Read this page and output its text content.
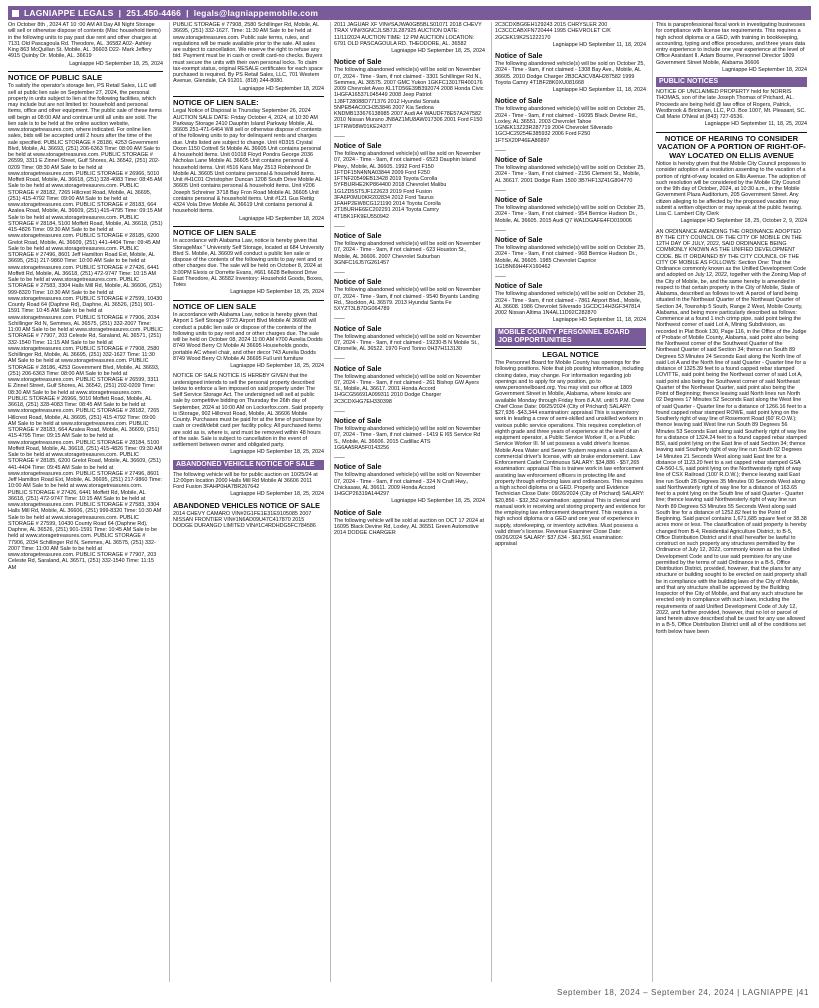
LAGNIAPPE LEGALS | 251.450-4466 | legals@lagniappemobile.com
On October 8th , 2024 AT 10 :00 AM All Day All Night Storage will sell or otherwise dispose of contents (Misc household items) in the following units to pay past due rent and other charges at 7131 Old Pascagoula Rd. Theodore, AL. 36582 A02- Ashley King 863 McQuillan St. Mobile, AL. 36603 D22- Mark Jeffery 4915 Quinby Dr. Mobile, AL. 36619
Lagniappe HD September 18, 25, 2024
NOTICE OF PUBLIC SALE
To satisfy the operator's storage lien, PS Retail Sales, LLC will sell at public lien sale on September 27, 2024, the personal property in units subject to lien at the following facilities, which may include but are not limited to: household and personal items, office and other equipment. The public sale of these items will begin at 08:00 AM and continue until all units are sold. The lien sale is to be held at the online auction website, www.storagetreasures.com, where indicated. For online lien sales, bids will be accepted until 2 hours after the time of the sale specified. PUBLIC STORAGE # 28186, 4253 Government Blvd, Mobile, AL 36693, (251) 206-6363 Time: 08:00 AM Sale to be held at www.storagetreasures.com. PUBLIC STORAGE # 26599, 3311 E Zinnel Street, Gulf Shores, AL 36542, (251) 202-0209 Time: 08:30 AM Sale to be held at www.storagetreasures.com. PUBLIC STORAGE # 26966, 5010 Moffett Road, Mobile, AL 36618, (251) 328-4083 Time: 08:45 AM Sale to be held at www.storagetreasures.com. PUBLIC STORAGE # 28182, 7265 Hillcrest Road, Mobile, AL 36695, (251) 415-4792 Time: 09:00 AM Sale to be held at www.storagetreasures.com. PUBLIC STORAGE # 28183, 664 Azalea Road, Mobile, AL 36609, (251) 415-4795 Time: 09:15 AM Sale to be held at www.storagetreasures.com. PUBLIC STORAGE # 28184, 5100 Moffett Road, Mobile, AL 36618, (251) 415-4826 Time: 09:30 AM Sale to be held at www.storagetreasures.com. PUBLIC STORAGE # 28185, 6200 Grelot Road, Mobile, AL 36609, (251) 441-4404 Time: 09:45 AM Sale to be held at www.storagetreasures.com. PUBLIC STORAGE # 27496, 8601 Jeff Hamilton Road Ext, Mobile, AL 36695, (251) 217-9860 Time: 10:00 AM Sale to be held at www.storagetreasures.com. PUBLIC STORAGE # 27426, 6441 Moffett Rd, Mobile, AL 36618, (251) 472-9747 Time: 10:15 AM Sale to be held at www.storagetreasures.com. PUBLIC STORAGE # 27583, 3304 Halls Mill Rd, Mobile, AL 36606, (251) 999-8320 Time: 10:30 AM Sale to be held at www.storagetreasures.com. PUBLIC STORAGE # 27599, 10430 County Road 64 (Daphne Rd), Daphne, AL 36526, (251) 901-1591 Time: 10:45 AM Sale to be held at www.storagetreasures.com. PUBLIC STORAGE # 77906, 2034 Schillinger Rd N, Semmes, AL 36575, (251) 332-2007 Time: 11:00 AM Sale to be held at www.storagetreasures.com. PUBLIC STORAGE # 77907, 203 Celeste Rd, Saraland, AL 36571, (251) 332-1540 Time: 11:15 AM Sale to be held at www.storagetreasures.com. PUBLIC STORAGE # 77908, 2580 Schillinger Rd, Mobile, AL 36695, (251) 332-1627 Time: 11:30 AM Sale to be held at www.storagetreasures.com. PUBLIC STORAGE # 28186, 4253 Government Blvd, Mobile, AL 36693, (251) 206-6363 Time: 08:00 AM Sale to be held at www.storagetreasures.com. PUBLIC STORAGE # 26599, 3311 E Zinnel Street, Gulf Shores, AL 36542, (251) 202-0209 Time: 08:30 AM Sale to be held at www.storagetreasures.com. PUBLIC STORAGE # 26966, 5010 Moffett Road, Mobile, AL 36618, (251) 328-4083 Time: 08:45 AM Sale to be held at www.storagetreasures.com. PUBLIC STORAGE # 28182, 7265 Hillcrest Road, Mobile, AL 36695, (251) 415-4792 Time: 09:00 AM Sale to be held at www.storagetreasures.com. PUBLIC STORAGE # 28183, 664 Azalea Road, Mobile, AL 36609, (251) 415-4795 Time: 09:15 AM Sale to be held at www.storagetreasures.com. PUBLIC STORAGE # 28184, 5100 Moffett Road, Mobile, AL 36618, (251) 415-4826 Time: 09:30 AM Sale to be held at www.storagetreasures.com. PUBLIC STORAGE # 28185, 6200 Grelot Road, Mobile, AL 36609, (251) 441-4404 Time: 09:45 AM Sale to be held at www.storagetreasures.com. PUBLIC STORAGE # 27496, 8601 Jeff Hamilton Road Ext, Mobile, AL 36695, (251) 217-9860 Time: 10:00 AM Sale to be held at www.storagetreasures.com. PUBLIC STORAGE # 27426, 6441 Moffett Rd, Mobile, AL 36618, (251) 472-9747 Time: 10:15 AM Sale to be held at www.storagetreasures.com. PUBLIC STORAGE # 27583, 3304 Halls Mill Rd, Mobile, AL 36606, (251) 999-8320 Time: 10:30 AM Sale to be held at www.storagetreasures.com. PUBLIC STORAGE # 27599, 10430 County Road 64 (Daphne Rd), Daphne, AL 36526, (251) 901-1591 Time: 10:45 AM Sale to be held at www.storagetreasures.com. PUBLIC STORAGE # 77906, 2034 Schillinger Rd N, Semmes, AL 36575, (251) 332-2007 Time: 11:00 AM Sale to be held at www.storagetreasures.com. PUBLIC STORAGE # 77907, 203 Celeste Rd, Saraland, AL 36571, (251) 332-1540 Time: 11:15 AM
PUBLIC STORAGE # 77908, 2580 Schillinger Rd, Mobile, AL 36695, (251) 332-1627. Time: 11:30 AM Sale to be held at www.storagetreasures.com. Public sale terms, rules, and regulations will be made available prior to the sale. All sales are subject to cancellation. We reserve the right to refuse any bid. Payment must be in cash or credit card-no checks. Buyers must secure the units with their own personal locks. To claim tax-exempt status, original RESALE certificates for each space purchased is required. By PS Retail Sales, LLC, 701 Western Avenue, Glendale, CA 91201. (818) 244-8080.
Lagniappe HD September 18, 2024
NOTICE OF LIEN SALE:
Legal Notice of Disposal is Thursday September 26, 2024 AUCTION SALE DATE: Friday October 4, 2024, at 10:30 AM Parkway Storage 2410 Dauphin Island Parkway Mobile, AL 36605 251-471-6464 Will sell or otherwise dispose of contents of the following units to pay for delinquent rents and charges due. Units listed are subject to change. Unit #D315 Crystal Dixon 1150 Cottrell St Mobile AL 36605 Unit contains personal & household items. Unit 01018 Floyd Pondra George 2036 Nicholas Lane Mobile AL 36605 Unit contains personal & household items. Unit #516 Kara May 2513 Robinhood Dr Mobile AL 36605 Unit contains personal & household items. Unit #H1C01 Christopher Duncan 1208 South Drive Mobile AL 36605 Unit contains personal & household items. Unit #206 Joseph Schreiner 3718 Bay Fron Road Mobile AL 36605 Unit contains personal & household items. Unit #121 Gus Rettig 4324 Vola Drive Mobile AL 36619 Unit contains personal & household items.
Lagniappe HD September 18, 2024
NOTICE OF LIEN SALE
In accordance with Alabama Law, notice is hereby given that StorageMax " University Self Storage, located at 684 University Blvd S. Mobile, AL 36609 will conduct a public lien sale or dispose of the contents of the following units to pay rent and or other charges due. The sale will be held on October 8, 2024 at 3:00PM Elexis or Dorrette Evans, #661 6628 Bellwood Drive East Theodore, AL 36582 Inventory: Household Goods, Boxes, Totes
Lagniappe HD September 18, 25, 2024
NOTICE OF LIEN SALE
In accordance with Alabama Law, notice is hereby given that Airport 1 Self Storage 9723 Airport Blvd Mobile Al 36608 will conduct a public lien sale or dispose of the contents of the following units to pay rent and or other charges due. The sale will be held on October 08, 2024 11:00 AM #700 Aurelia Dodds 8749 Wood Berry Ct Mobile Al 36695 Households goods, portable AC wheel chair, and other decor 743 Aurelia Dodds 8749 Wood Berry Ct Mobile Al 36695 Full unit furniture
Lagniappe HD September 18, 25, 2024
NOTICE OF SALE NOTICE IS HEREBY GIVEN that the undersigned intends to sell the personal property described below to enforce a lien imposed on said property under The Self Service Storage Act. The undersigned will sell at public sale by competitive bidding on Thursday the 26th day of September, 2024 at 10:00 AM on Lockerfox.com. Said property is iStorage, 902 Hillcrest Road, Mobile, AL 36606 Mobile County. Purchases must be paid for at the time of purchase by cash or credit/debit card per facility policy. All purchased items are sold as is, where is, and must be removed within 48 hours of the sale. Sale is subject to cancellation in the event of settlement between owner and obligated party.
Lagniappe HD September 18, 25, 2024
ABANDONED VEHICLE NOTICE OF SALE
The following vehicle will be for public auction on 10/25/24 at 12:00pm location 2000 Halls Mill Rd Mobile Al 36606 2011 Ford Fusion 3FAHP0HA7BR267642
Lagniappe HD September 18, 25, 2024
ABANDONED VEHICLES NOTICE OF SALE
2014 CHEVY CAMARO VIN#2G1FE1E31E9105085 2007 NISSAN FRONTIER VIN#1N6AD09U47C417870 2015 DODGE DURANGO LIMITED VIN#1C4RDHDG5FC784586
2011 JAGUAR XF VIN#SAJWA0GB5BLS01071 2018 CHEVY TRAX VIN#3GNCJLSB7JL287925 AUCTION DATE: 11/11/2024 AUCTION TIME: 12 PM AUCTION LOCATION: 6791 OLD PASCAGOULA RD. THEODORE, AL. 36582
Lagniappe HD September 18, 25, 2024
Notice of Sale
The following abandoned vehicle(s) will be sold on November 07, 2024 - Time - 9am, if not claimed - 3301 Schillinger Rd N., Semmes, AL 36575. 2007 GMC Yukon 1GKFC13017R400176 2009 Chevrolet Aveo KL1TD56E39B392074 2008 Honda Civic 1HGFA16537L045449 2008 Jeep Patriot 1J8FT28088D771376 2012 Hyundai Sonata 5NPEB4AC0CH353846 2007 Kia Sedona KNDMB133676138985 2007 Audi A4 WAUDF78E57A247582 2010 Nissan Murano JN8AZ1MU8AW017306 2001 Ford F150 1FTRW08W01KE24377
——
Notice of Sale
The following abandoned vehicle(s) will be sold on November 07, 2024 - Time - 9am, if not claimed - 6523 Dauphin Island Pkwy., Mobile, AL 36605. 1992 Ford F150 1FTDF15N4NNA03844 2009 Ford F250 1FTNF20549EB13428 2019 Toyota Corolla 5YFBURHE2KP864400 2018 Chevrolet Malibu 1G1ZD5ST5JF122623 2019 Ford Fusion 3FA6P0MU0KR202834 2012 Ford Taurus 1FAHP2EW8CG121190 2014 Toyota Corolla 2T1BURHE6EC202291 2014 Toyota Camry 4T1BK1FK9EU550942
——
Notice of Sale
The following abandoned vehicle(s) will be sold on November 07, 2024 - Time - 9am, if not claimed - 623 Houston St., Mobile, AL 36606. 2007 Chevrolet Suburban 3GNFC16J57G261457
——
Notice of Sale
The following abandoned vehicle(s) will be sold on November 07, 2024 - Time - 9am, if not claimed - 9540 Bryants Landing Rd., Stockton, AL 36579. 2013 Hyundai Santa Fe 5XYZT3LB7DG064789
——
Notice of Sale
The following abandoned vehicle(s) will be sold on November 07, 2024 - Time - 9am, if not claimed - 19230-B N Mobile St., Citronelle, AL 36522. 1970 Ford Torino 0H37H113130
——
Notice of Sale
The following abandoned vehicle(s) will be sold on November 07, 2024 - Time - 9am, if not claimed - 261 Bishop GW Ayers St., Mobile, AL 36617. 2001 Honda Accord 1HGCG56691A099311 2010 Dodge Charger 2C3CDXHG7EH330398
——
Notice of Sale
The following abandoned vehicle(s) will be sold on November 07, 2024 - Time - 9am, if not claimed - 1419 E I65 Service Rd S., Mobile, AL 36606. 2015 Cadillac ATS 1G6AA5RA5F0143256
——
Notice of Sale
The following abandoned vehicle(s) will be sold on November 07, 2024 - Time - 9am, if not claimed - 324 N Craft Hwy., Chickasaw, AL 36611. 2009 Honda Accord 1HGCP26319A144297
Lagniappe HD September 18, 25, 2024
Notice of Sale
The following vehicle will be sold at auction on OCT 17 2024 at 16095 Black Devine Rd, Loxley, AL 36551 Green Automotive 2014 DODGE CHARGER
2C3CDXBG6EH129243 2015 CHRYSLER 200 1C3CCCABXFN720444 1995 CHEVROLET C/K 2GCEK19K2S1222170
Lagniappe HD September 11, 18, 2024
Notice of Sale
The following abandoned vehicle(s) will be sold on October 25, 2024 - Time - 9am, if not claimed - 1308 Bay Ave., Mobile, AL 36605. 2010 Dodge Charger 2B3CA3CV8AH287582 1999 Toyota Camry 4T1BF28K0XU081668
Lagniappe HD September 11, 18, 2024
Notice of Sale
The following abandoned vehicle(s) will be sold on October 25, 2024 - Time - 9am, if not claimed - 16095 Black Devine Rd., Loxley, AL 36551. 2003 Chevrolet Tahoe 1GNEK13Z23R287719 2004 Chevrolet Silverado 1GCHC29254E385932 2006 Ford F250 1FTSX20P46EA86897
——
Notice of Sale
The following abandoned vehicle(s) will be sold on October 25, 2024 - Time - 9am, if not claimed - 2156 Clement St., Mobile, AL 36617. 2001 Dodge Ram 1500 3B7HF13Z41G804770
——
Notice of Sale
The following abandoned vehicle(s) will be sold on October 25, 2024 - Time - 9am, if not claimed - 954 Bernice Hudson Dr., Mobile, AL 36605. 2015 Audi Q7 WA1DGAFE4FD019006
——
Notice of Sale
The following abandoned vehicle(s) will be sold on October 25, 2024 - Time - 9am, if not claimed - 968 Bernice Hudson Dr., Mobile, AL 36605. 1985 Chevrolet Caprice 1G1BN69H4FX160462
——
Notice of Sale
The following abandoned vehicle(s) will be sold on October 25, 2024 - Time - 9am, if not claimed - 7861 Airport Blvd., Mobile, AL 36608. 1986 Chevrolet Silverado 1GCDC14H3GF347814 2002 Nissan Altima 1N4AL11D92C282870
Lagniappe HD September 11, 18, 2024
MOBILE COUNTY PERSONNEL BOARD JOB OPPORTUNITIES
LEGAL NOTICE
The Personnel Board for Mobile County has openings for the following positions. Note that job posting information, including closing dates, may change. For information regarding job openings and to apply for any position, go to www.personnelboard.org. You may visit our office at 1809 Government Street in Mobile, Alabama, where kiosks are available Monday through Friday from 8 A.M. until 5 P.M. Crew Chief Close Date: 09/25/2024 (City of Prichard) SALARY: $27,936 -$43,344 examination: appraisal This is supervisory work in leading a crew of semi-skilled and unskilled workers in various public service operations. This requires completion of eighth grade and three years of experience at the level of an equipment operator, a Public Service Worker II, or a Public Service Worker III. M ust possess a valid driver's license. Mobile Area Water and Sewer System requires a valid class A commercial driver's license, with air brake endorsement. Law Enforcement Cadet Continuous SALARY: $34,886 - $57,265 examination: appraisal This is trainee work in law enforcement assisting law enforcement officers in protecting life and property through enforcing laws and ordinances. This requires a high school diploma or a GED. Property and Evidence Technician Close Date: 09/26/2024 (City of Prichard) SALARY: $20,856 - $32,352 examination: appraisal This is clerical and manual work in receiving and storing property and evidence for the employing law enforcement department. This requires a high school diploma or a GED and one year of experience in supply, storekeeping, or inventory activities. Must possess a valid driver's license. Revenue Examiner Close Date: 09/26/2024 SALARY: $37,634 - $61,561 examination: appraisal
This is paraprofessional fiscal work in investigating businesses for compliance with license tax requirements. This requires a high school diploma or a GED, with training in bookkeeping, accounting, typing and office procedures, and three years data entry experience to include one year experience at the level of Office Assistant II. Adam Bourne, Personnel Director 1809 Government Street Mobile, Alabama 36606
Lagniappe HD September 18, 2024
PUBLIC NOTICES
NOTICE OF UNCLAIMED PROPERTY held for NORRIS THOMAS, son of the late Joseph Thomas of Prichard, AL. Proceeds are being held @ law office of Rogers, Patrick, Westbrook & Brickman, LLC, P.O. Box 1007, Mt. Pleasant, SC. Call Marie O'Neal at (843) 727-6536.
Lagniappe HD September 11, 18, 25, 2024
NOTICE OF HEARING TO CONSIDER VACATION OF A PORTION OF RIGHT-OF-WAY LOCATED ON ELLIS AVENUE
Notice is hereby given that the Mobile City Council proposes to consider adoption of a resolution assenting to the vacation of a portion of right-of-way located on Ellis Avenue. The adoption of such resolution will be considered by the Mobile City Council on the 9th day of October, 2024, at 10:30 a.m., in the Mobile Government Plaza Auditorium, 205 Government Street. Any citizen alleging to be affected by the proposed vacation may submit a written objection or may speak at the public hearing. Lisa C. Lambert City Clerk
Lagniappe HD September 18, 25, October 2, 9, 2024
AN ORDINANCE AMENDING THE ORDINANCE ADOPTED BY THE CITY COUNCIL OF THE CITY OF MOBILE ON THE 12TH DAY OF JULY, 2022, SAID ORDINANCE BEING COMMONLY KNOWN AS THE UNIFIED DEVELOPMENT CODE. BE IT ORDAINED BY THE CITY COUNCIL OF THE CITY OF MOBILE AS FOLLOWS: Section One: That the Ordinance commonly known as the Unified Development Code and adopted on July 12, 2022, together with the Zoning Map of the City of Mobile, be, and the same hereby is amended in respect to that certain property in the City of Mobile, State of Alabama, described as follows to-wit: A parcel of land being situated in the Northeast Quarter of the Northeast Quarter of Section 34, Township 5 South, Range 2 West, Mobile County, Alabama, and being more particularly described as follows: Commence at a found 1 inch crimp pipe, said point being the Northwest corner of said Lot A, Mining Subdivision, as recorded in Plat Book 130, Page 116, in the Office of the Judge of Probate of Mobile County, Alabama, said point also being the Northwest corner of the Southwest Quarter of the Northeast Quarter of said Section 34; thence run South 89 Degrees 53 Minutes 24 Seconds East along the North line of said Lot A and the North line of said Quarter - Quarter line for a distance of 1325.39 feet to a found capped rebar stamped LOVITTE, said point being the Northeast corner of said Lot A, said point also being the Southwest corner of said Northeast Quarter of the Northeast Quarter, said point also being the Point of Beginning; thence leaving said North lines run North 02 Degrees 17 Minutes 52 Seconds East along the West line of said Quarter - Quarter line for a distance of 1266.16 feet to a found capped rebar stamped ROWE, said point lying on the Southerly right of way line of Rosemont Road (60' R.O.W.); thence leaving said West line run South 89 Degrees 56 Minutes 53 Seconds East along said Southerly right of way line for a distance of 1324.24 feet to a found capped rebar stamped BSI, said point lying on the East line of said Section 34; thence leaving said Southerly right of way line run South 02 Degrees 14 Minutes 21 Seconds West along said East line for a distance of 1123.20 feet to a set capped rebar stamped GSA CA-560-LS, said point lying on the Northwesterly right of way line of CSX Railroad (100' R.O.W.); thence leaving said East line run South 28 Degrees 35 Minutes 00 Seconds West along said Northwesterly right of way line for a distance of 163.65 feet to a point lying on the South line of said Quarter - Quarter line; thence leaving said Northwesterly right of way line run North 89 Degrees 53 Minutes 55 Seconds West along said South line for a distance of 1252.82 feet to the Point of Beginning. Said parcel contains 1,671,685 square feet or 38.38 acres more or less. The classification of said property is hereby changed from B-4, Residential Agriculture District, to B-5, Office Distribution District and it shall hereafter be lawful to construct on such property any structures permitted by the Ordinance of July 12, 2022, commonly known as the Unified Development Code and to use said premises for any use permitted by the terms of said Ordinance in a B-5, Office Distribution District, provided, however, that the plans for any structure or building sought to be erected on said property shall be in compliance with the building laws of the City of Mobile, and that any structure shall be approved by the Building Inspector of the City of Mobile, and that any such structure be erected only in compliance with such laws, including the requirements of said Unified Development Code of July 12, 2022, and further provided, however, that no lot or parcel of land herein above described shall be used for any use allowed in a B-5, Office Distribution District until all of the conditions set forth below have been
September 18, 2024 – September 24, 2024 | LAGNIAPPE |41
